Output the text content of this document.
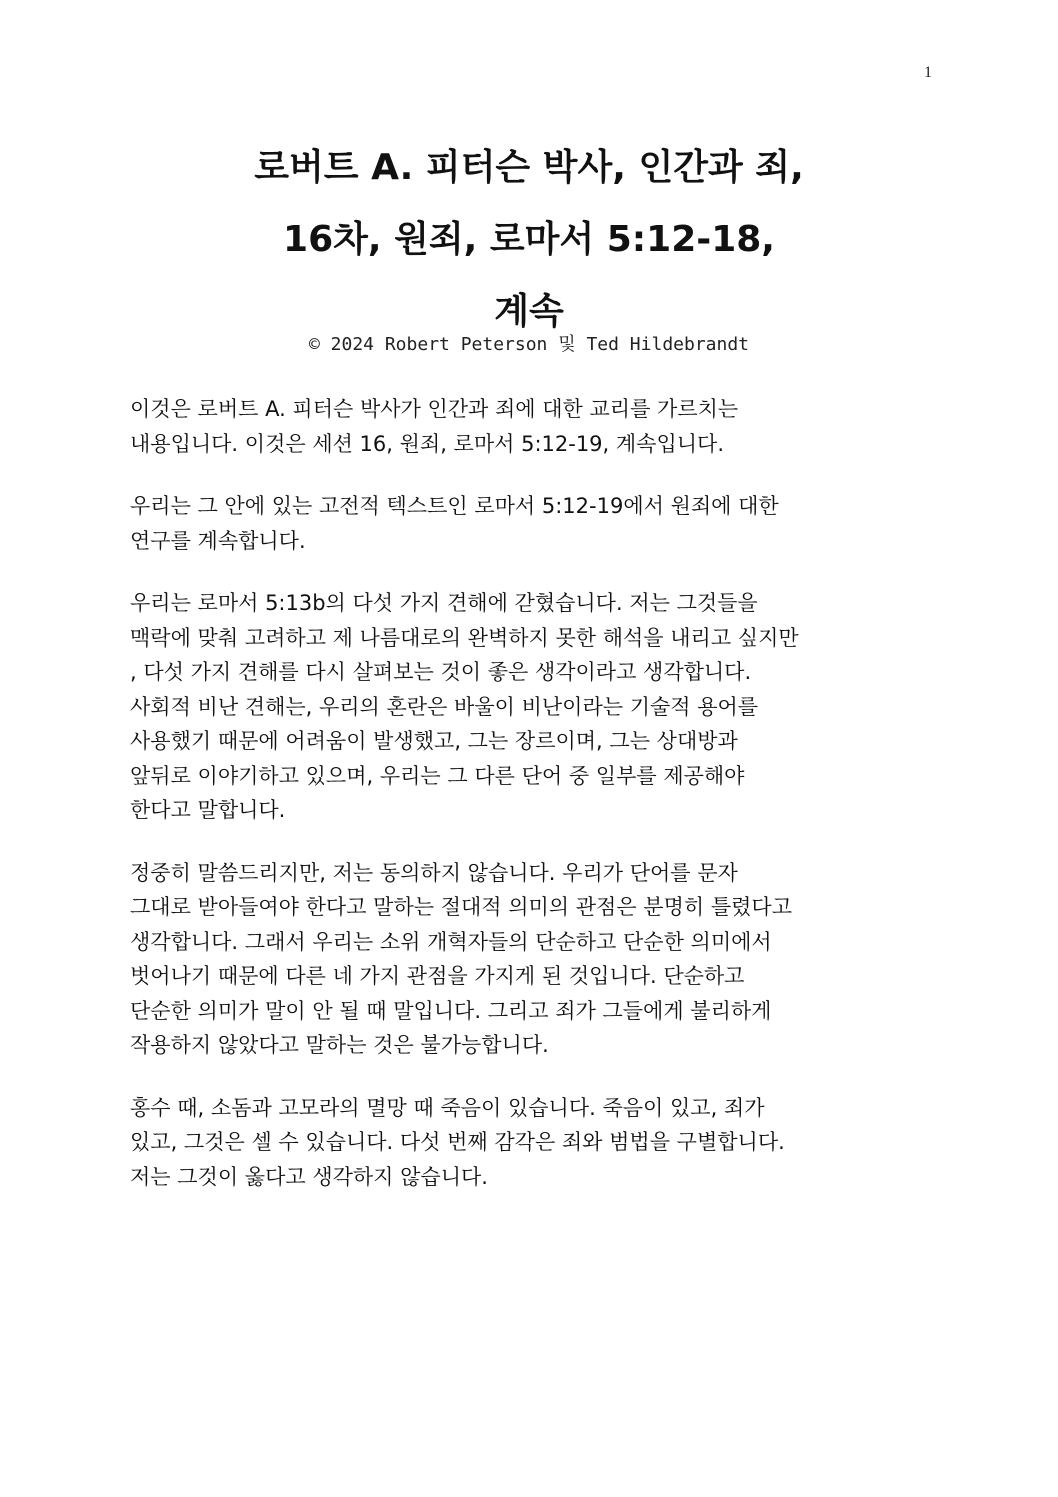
1
로버트 A. 피터슨 박사, 인간과 죄,
16차, 원죄, 로마서 5:12-18,
계속
© 2024 Robert Peterson 및 Ted Hildebrandt

이것은 로버트 A. 피터슨 박사가 인간과 죄에 대한 교리를 가르치는
내용입니다. 이것은 세션 16, 원죄, 로마서 5:12-19, 계속입니다.

우리는 그 안에 있는 고전적 텍스트인 로마서 5:12-19에서 원죄에 대한
연구를 계속합니다.

우리는 로마서 5:13b의 다섯 가지 견해에 갇혔습니다. 저는 그것들을
맥락에 맞춰 고려하고 제 나름대로의 완벽하지 못한 해석을 내리고 싶지만
, 다섯 가지 견해를 다시 살펴보는 것이 좋은 생각이라고 생각합니다.
사회적 비난 견해는, 우리의 혼란은 바울이 비난이라는 기술적 용어를
사용했기 때문에 어려움이 발생했고, 그는 장르이며, 그는 상대방과
앞뒤로 이야기하고 있으며, 우리는 그 다른 단어 중 일부를 제공해야
한다고 말합니다.

정중히 말씀드리지만, 저는 동의하지 않습니다. 우리가 단어를 문자
그대로 받아들여야 한다고 말하는 절대적 의미의 관점은 분명히 틀렸다고
생각합니다. 그래서 우리는 소위 개혁자들의 단순하고 단순한 의미에서
벗어나기 때문에 다른 네 가지 관점을 가지게 된 것입니다. 단순하고
단순한 의미가 말이 안 될 때 말입니다. 그리고 죄가 그들에게 불리하게
작용하지 않았다고 말하는 것은 불가능합니다.

홍수 때, 소돔과 고모라의 멸망 때 죽음이 있습니다. 죽음이 있고, 죄가
있고, 그것은 셀 수 있습니다. 다섯 번째 감각은 죄와 범법을 구별합니다.
저는 그것이 옳다고 생각하지 않습니다.
